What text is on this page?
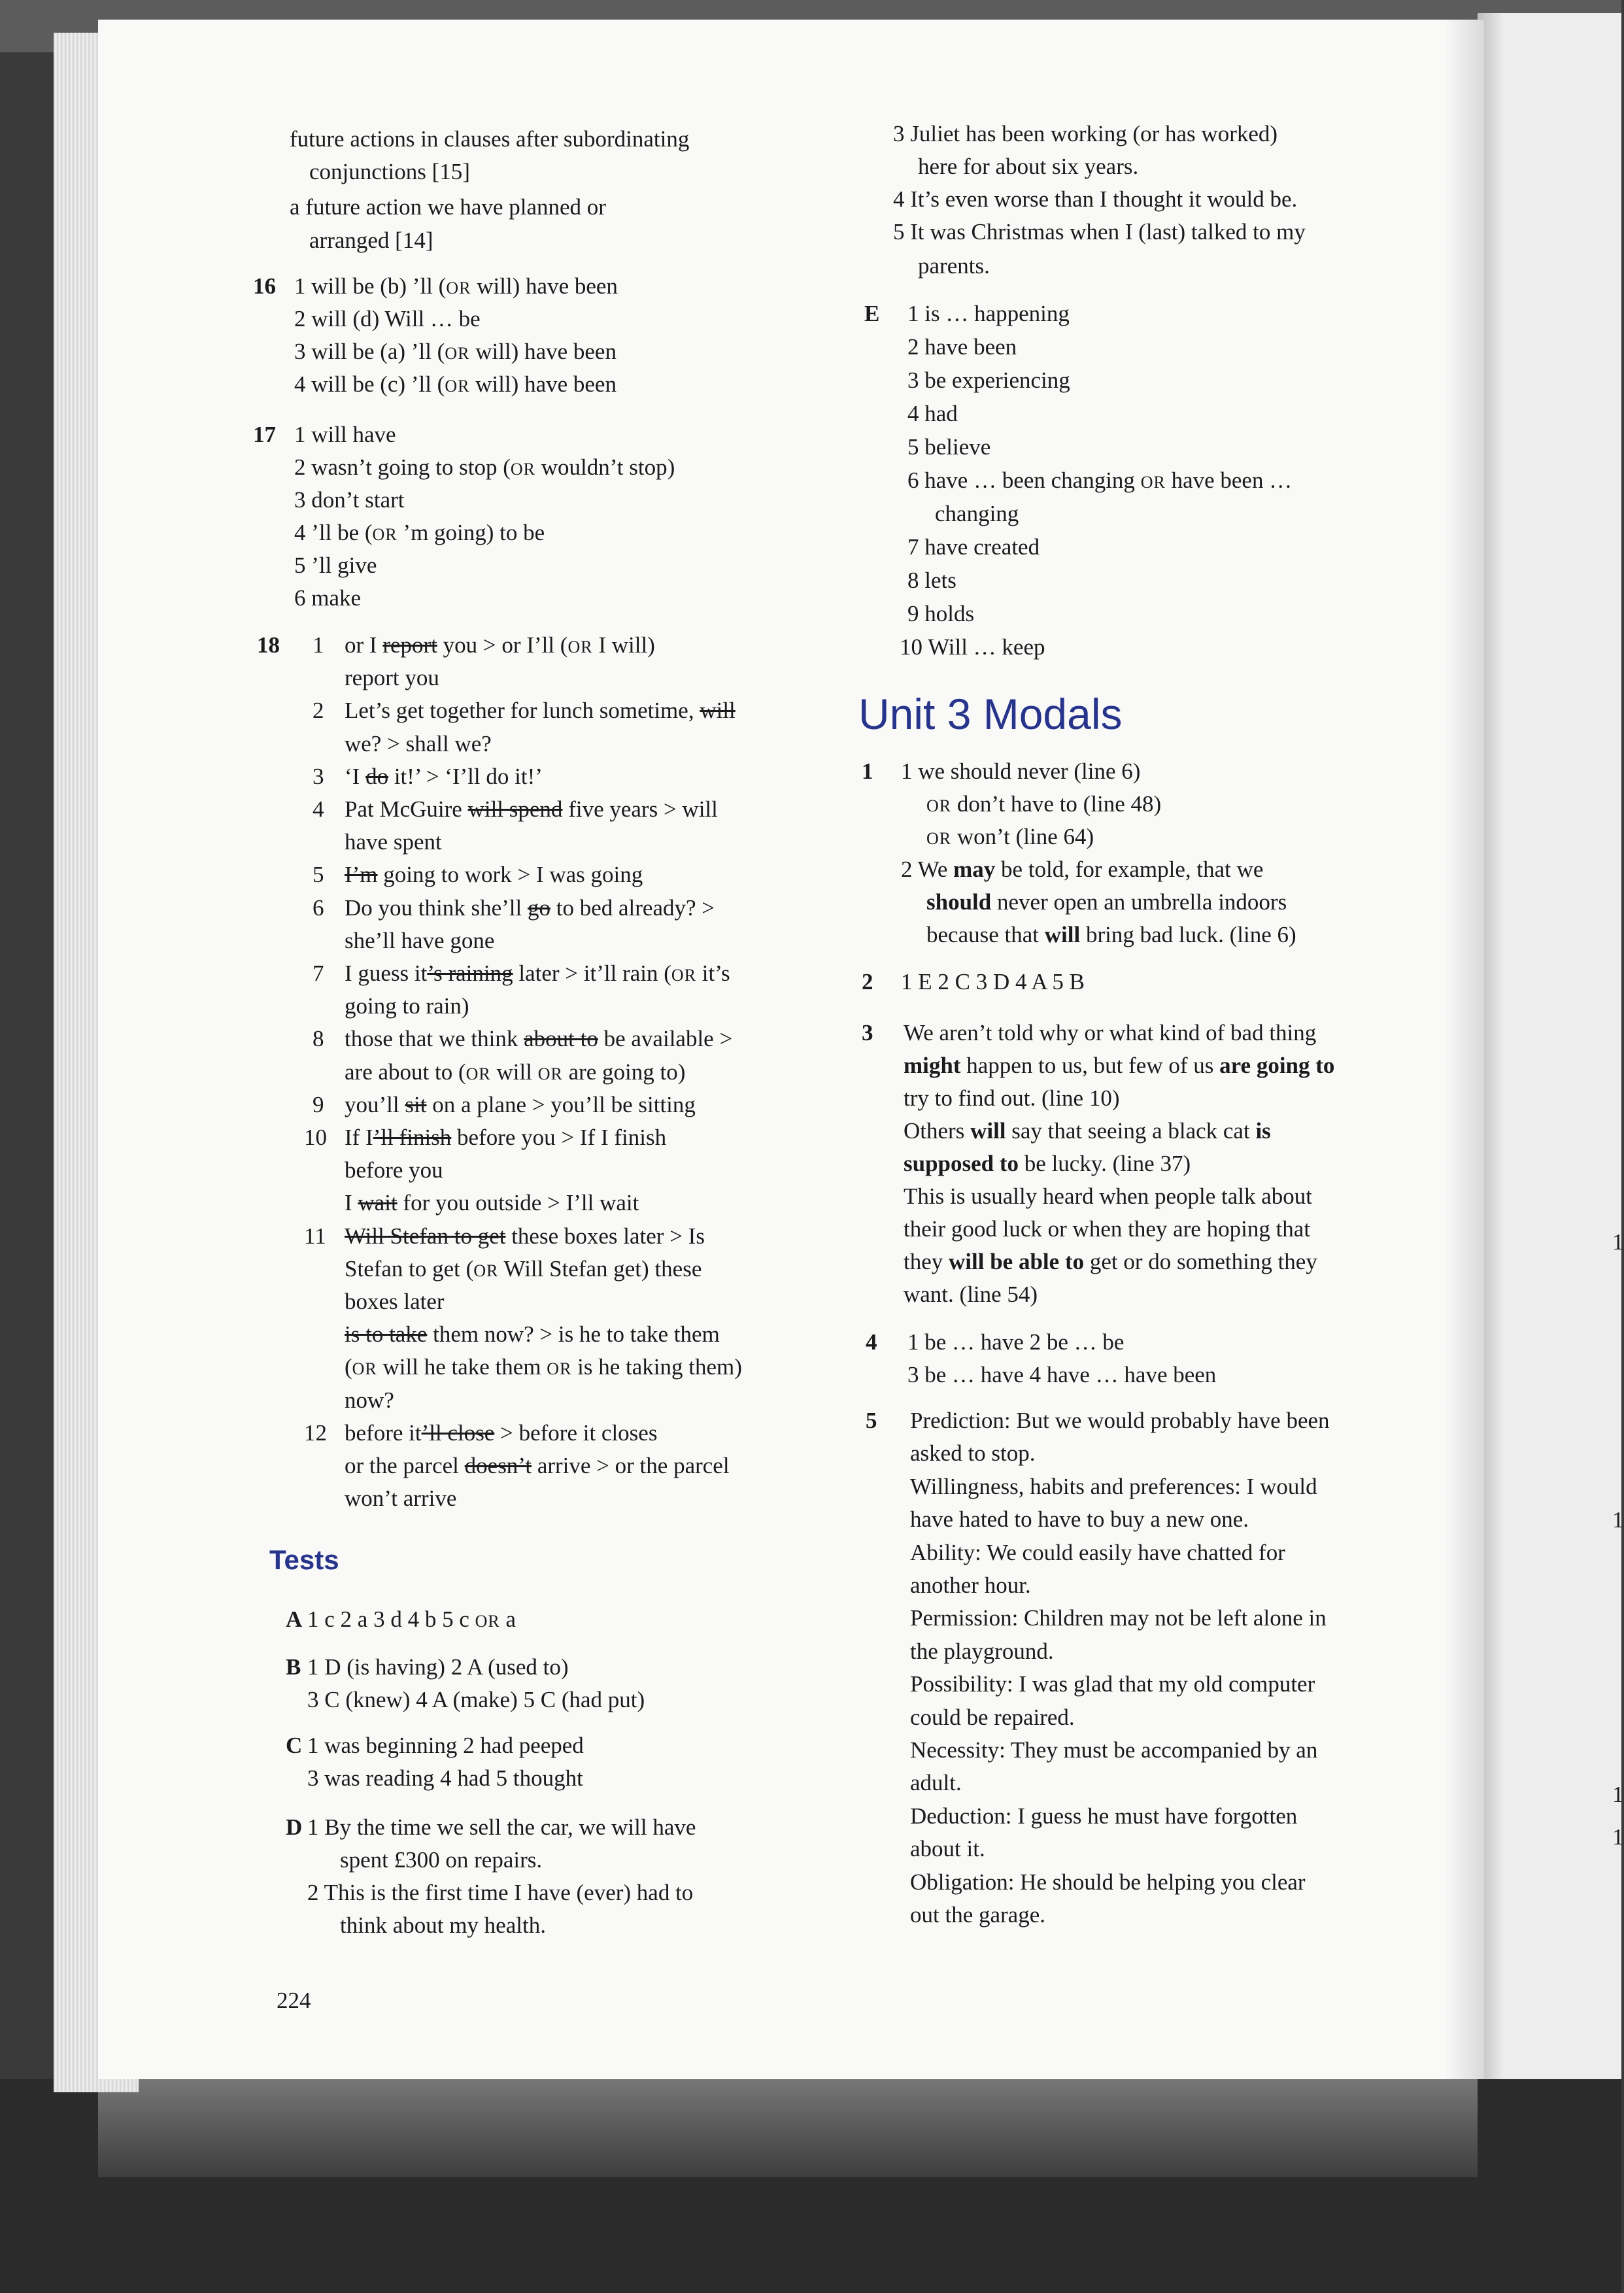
1
1
1
1
future actions in clauses after subordinating
conjunctions [15]
a future action we have planned or
arranged [14]
16 1 will be (b) ’ll (OR will) have been
2 will (d) Will … be
3 will be (a) ’ll (OR will) have been
4 will be (c) ’ll (OR will) have been
17 1 will have
2 wasn’t going to stop (OR wouldn’t stop)
3 don’t start
4 ’ll be (OR ’m going) to be
5 ’ll give
6 make
18 1 or I report you > or I’ll (OR I will)
report you
2 Let’s get together for lunch sometime, will
we? > shall we?
3 ‘I do it!’ > ‘I’ll do it!’
4 Pat McGuire will spend five years > will
have spent
5 I’m going to work > I was going
6 Do you think she’ll go to bed already? >
she’ll have gone
7 I guess it’s raining later > it’ll rain (OR it’s
going to rain)
8 those that we think about to be available >
are about to (OR will OR are going to)
9 you’ll sit on a plane > you’ll be sitting
10 If I’ll finish before you > If I finish
before you
I wait for you outside > I’ll wait
11 Will Stefan to get these boxes later > Is
Stefan to get (OR Will Stefan get) these
boxes later
is to take them now? > is he to take them
(OR will he take them OR is he taking them)
now?
12 before it’ll close > before it closes
or the parcel doesn’t arrive > or the parcel
won’t arrive
Tests
A 1 c 2 a 3 d 4 b 5 c OR a
B 1 D (is having) 2 A (used to)
3 C (knew) 4 A (make) 5 C (had put)
C 1 was beginning 2 had peeped
3 was reading 4 had 5 thought
D 1 By the time we sell the car, we will have
spent £300 on repairs.
2 This is the first time I have (ever) had to
think about my health.
224
3 Juliet has been working (or has worked)
here for about six years.
4 It’s even worse than I thought it would be.
5 It was Christmas when I (last) talked to my
parents.
E 1 is … happening
2 have been
3 be experiencing
4 had
5 believe
6 have … been changing OR have been …
changing
7 have created
8 lets
9 holds
10 Will … keep
Unit 3 Modals
1 1 we should never (line 6)
OR don’t have to (line 48)
OR won’t (line 64)
2 We may be told, for example, that we
should never open an umbrella indoors
because that will bring bad luck. (line 6)
2 1 E 2 C 3 D 4 A 5 B
3 We aren’t told why or what kind of bad thing
might happen to us, but few of us are going to
try to find out. (line 10)
Others will say that seeing a black cat is
supposed to be lucky. (line 37)
This is usually heard when people talk about
their good luck or when they are hoping that
they will be able to get or do something they
want. (line 54)
4 1 be … have 2 be … be
3 be … have 4 have … have been
5 Prediction: But we would probably have been
asked to stop.
Willingness, habits and preferences: I would
have hated to have to buy a new one.
Ability: We could easily have chatted for
another hour.
Permission: Children may not be left alone in
the playground.
Possibility: I was glad that my old computer
could be repaired.
Necessity: They must be accompanied by an
adult.
Deduction: I guess he must have forgotten
about it.
Obligation: He should be helping you clear
out the garage.
